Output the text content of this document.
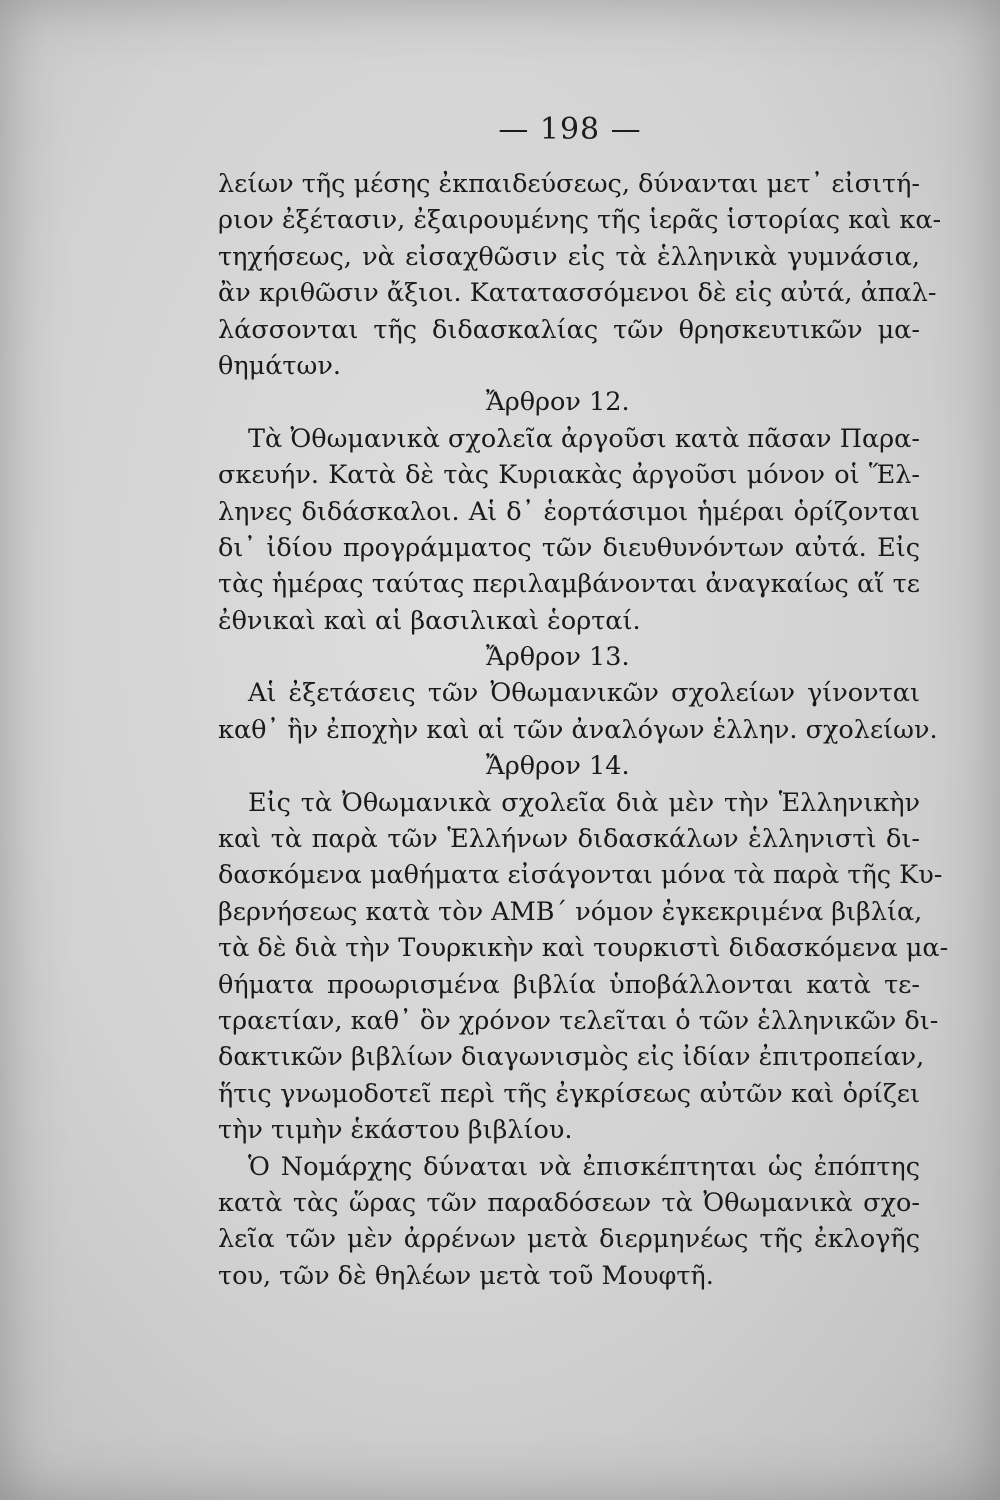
— 198 —
λείων τῆς μέσης ἐκπαιδεύσεως, δύνανται μετ᾽ εἰσιτή-
ριον ἐξέτασιν, ἐξαιρουμένης τῆς ἱερᾶς ἱστορίας καὶ κα-
τηχήσεως, νὰ εἰσαχθῶσιν εἰς τὰ ἑλληνικὰ γυμνάσια,
ἂν κριθῶσιν ἄξιοι. Κατατασσόμενοι δὲ εἰς αὐτά, ἀπαλ-
λάσσονται τῆς διδασκαλίας τῶν θρησκευτικῶν μα-
θημάτων.
Ἄρθρον 12.
Τὰ Ὀθωμανικὰ σχολεῖα ἀργοῦσι κατὰ πᾶσαν Παρα-
σκευήν. Κατὰ δὲ τὰς Κυριακὰς ἀργοῦσι μόνον οἱ Ἕλ-
ληνες διδάσκαλοι. Αἱ δ᾽ ἑορτάσιμοι ἡμέραι ὁρίζονται
δι᾽ ἰδίου προγράμματος τῶν διευθυνόντων αὐτά. Εἰς
τὰς ἡμέρας ταύτας περιλαμβάνονται ἀναγκαίως αἵ τε
ἐθνικαὶ καὶ αἱ βασιλικαὶ ἑορταί.
Ἄρθρον 13.
Αἱ ἐξετάσεις τῶν Ὀθωμανικῶν σχολείων γίνονται
καθ᾽ ἣν ἐποχὴν καὶ αἱ τῶν ἀναλόγων ἑλλην. σχολείων.
Ἄρθρον 14.
Εἰς τὰ Ὀθωμανικὰ σχολεῖα διὰ μὲν τὴν Ἑλληνικὴν
καὶ τὰ παρὰ τῶν Ἑλλήνων διδασκάλων ἑλληνιστὶ δι-
δασκόμενα μαθήματα εἰσάγονται μόνα τὰ παρὰ τῆς Κυ-
βερνήσεως κατὰ τὸν ΑΜΒ´ νόμον ἐγκεκριμένα βιβλία,
τὰ δὲ διὰ τὴν Τουρκικὴν καὶ τουρκιστὶ διδασκόμενα μα-
θήματα προωρισμένα βιβλία ὑποβάλλονται κατὰ τε-
τραετίαν, καθ᾽ ὃν χρόνον τελεῖται ὁ τῶν ἑλληνικῶν δι-
δακτικῶν βιβλίων διαγωνισμὸς εἰς ἰδίαν ἐπιτροπείαν,
ἥτις γνωμοδοτεῖ περὶ τῆς ἐγκρίσεως αὐτῶν καὶ ὁρίζει
τὴν τιμὴν ἑκάστου βιβλίου.
Ὁ Νομάρχης δύναται νὰ ἐπισκέπτηται ὡς ἐπόπτης
κατὰ τὰς ὥρας τῶν παραδόσεων τὰ Ὀθωμανικὰ σχο-
λεῖα τῶν μὲν ἀρρένων μετὰ διερμηνέως τῆς ἐκλογῆς
του, τῶν δὲ θηλέων μετὰ τοῦ Μουφτῆ.
